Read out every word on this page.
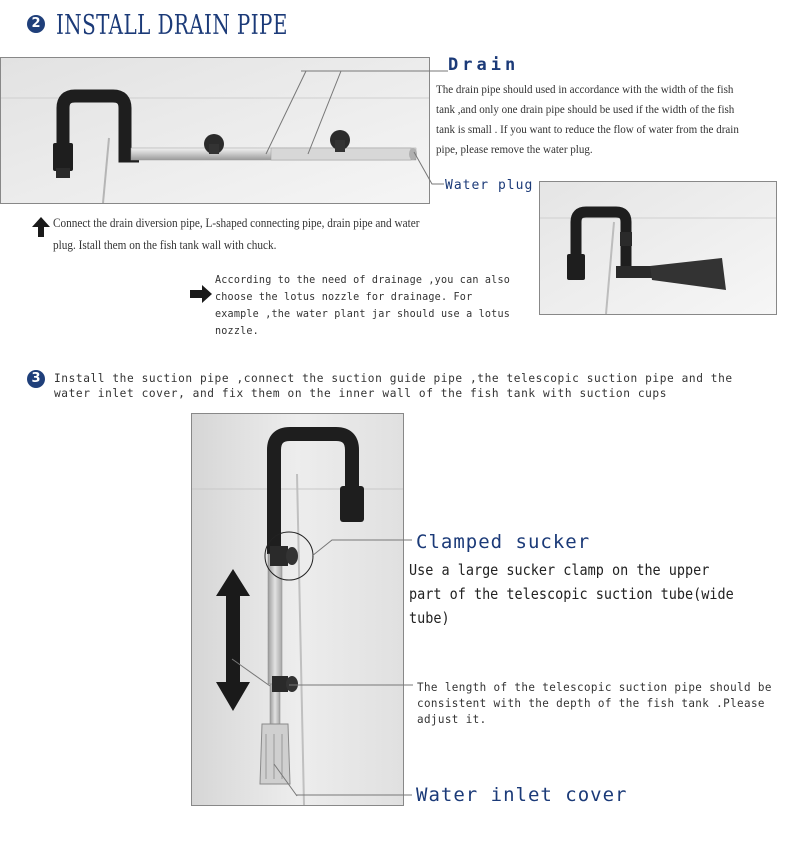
2 INSTALL DRAIN PIPE
Drain
The drain pipe should used in accordance with the width of the fish tank ,and only one drain pipe should be used if the width of the fish tank is small . If you want to reduce the flow of water from the drain pipe, please remove the water plug.
Water plug
Connect the drain diversion pipe, L-shaped connecting pipe, drain pipe and water plug. Istall them on the fish tank wall with chuck.
According to the need of drainage ,you can also choose the lotus nozzle for drainage. For example ,the water plant jar should use a lotus nozzle.
3	Install the suction pipe ,connect the suction guide pipe ,the telescopic suction pipe and the water inlet cover, and fix them on the inner wall of the fish tank with suction cups
Clamped sucker
Use a large sucker clamp on the upper part of the telescopic suction tube(wide tube)
The length of the telescopic suction pipe should be consistent with the depth of the fish tank .Please adjust it.
Water inlet cover
